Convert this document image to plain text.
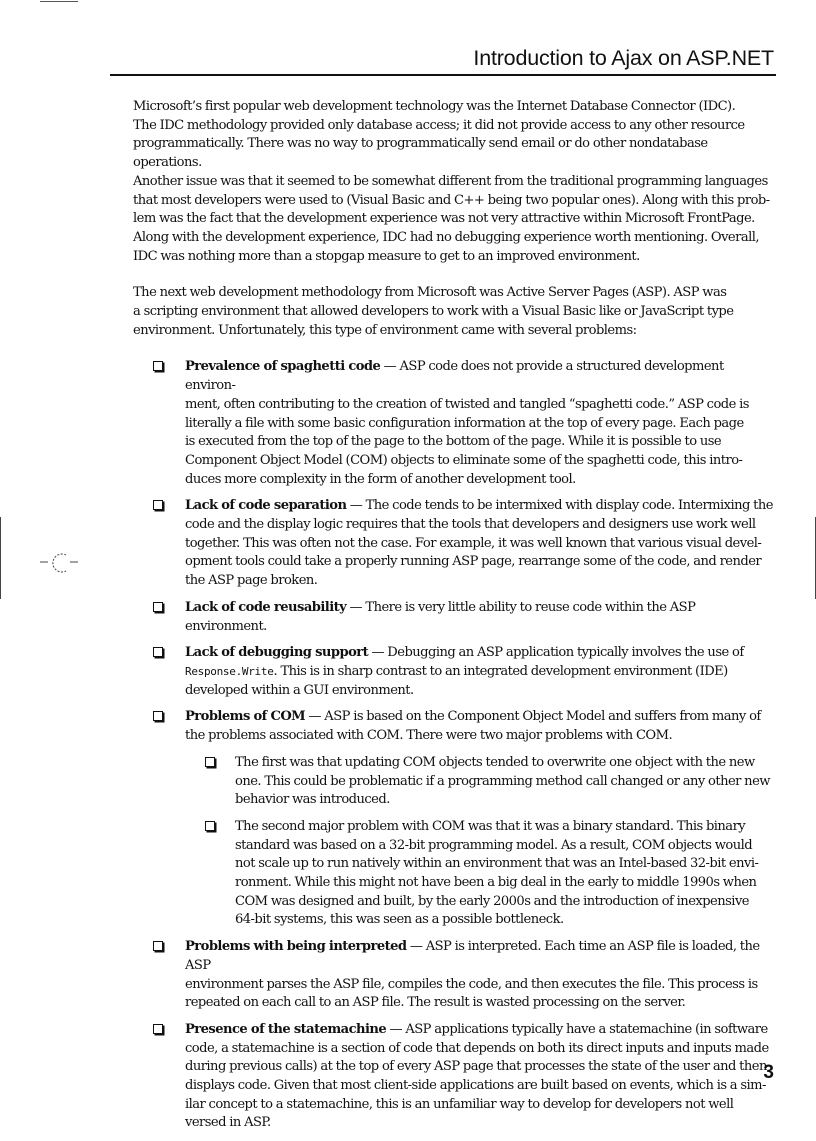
Introduction to Ajax on ASP.NET

Microsoft’s first popular web development technology was the Internet Database Connector (IDC).
The IDC methodology provided only database access; it did not provide access to any other resource
programmatically. There was no way to programmatically send email or do other nondatabase operations.
Another issue was that it seemed to be somewhat different from the traditional programming languages
that most developers were used to (Visual Basic and C++ being two popular ones). Along with this prob-
lem was the fact that the development experience was not very attractive within Microsoft FrontPage.
Along with the development experience, IDC had no debugging experience worth mentioning. Overall,
IDC was nothing more than a stopgap measure to get to an improved environment.

The next web development methodology from Microsoft was Active Server Pages (ASP). ASP was
a scripting environment that allowed developers to work with a Visual Basic like or JavaScript type
environment. Unfortunately, this type of environment came with several problems:

Prevalence of spaghetti code — ASP code does not provide a structured development environ-
ment, often contributing to the creation of twisted and tangled “spaghetti code.” ASP code is
literally a file with some basic configuration information at the top of every page. Each page
is executed from the top of the page to the bottom of the page. While it is possible to use
Component Object Model (COM) objects to eliminate some of the spaghetti code, this intro-
duces more complexity in the form of another development tool.
Lack of code separation — The code tends to be intermixed with display code. Intermixing the
code and the display logic requires that the tools that developers and designers use work well
together. This was often not the case. For example, it was well known that various visual devel-
opment tools could take a properly running ASP page, rearrange some of the code, and render
the ASP page broken.
Lack of code reusability — There is very little ability to reuse code within the ASP environment.
Lack of debugging support — Debugging an ASP application typically involves the use of
Response.Write. This is in sharp contrast to an integrated development environment (IDE)
developed within a GUI environment.
Problems of COM — ASP is based on the Component Object Model and suffers from many of
the problems associated with COM. There were two major problems with COM.
The first was that updating COM objects tended to overwrite one object with the new
one. This could be problematic if a programming method call changed or any other new
behavior was introduced.
The second major problem with COM was that it was a binary standard. This binary
standard was based on a 32-bit programming model. As a result, COM objects would
not scale up to run natively within an environment that was an Intel-based 32-bit envi-
ronment. While this might not have been a big deal in the early to middle 1990s when
COM was designed and built, by the early 2000s and the introduction of inexpensive
64-bit systems, this was seen as a possible bottleneck.
Problems with being interpreted — ASP is interpreted. Each time an ASP file is loaded, the ASP
environment parses the ASP file, compiles the code, and then executes the file. This process is
repeated on each call to an ASP file. The result is wasted processing on the server.
Presence of the statemachine — ASP applications typically have a statemachine (in software
code, a statemachine is a section of code that depends on both its direct inputs and inputs made
during previous calls) at the top of every ASP page that processes the state of the user and then
displays code. Given that most client-side applications are built based on events, which is a sim-
ilar concept to a statemachine, this is an unfamiliar way to develop for developers not well
versed in ASP.
3
